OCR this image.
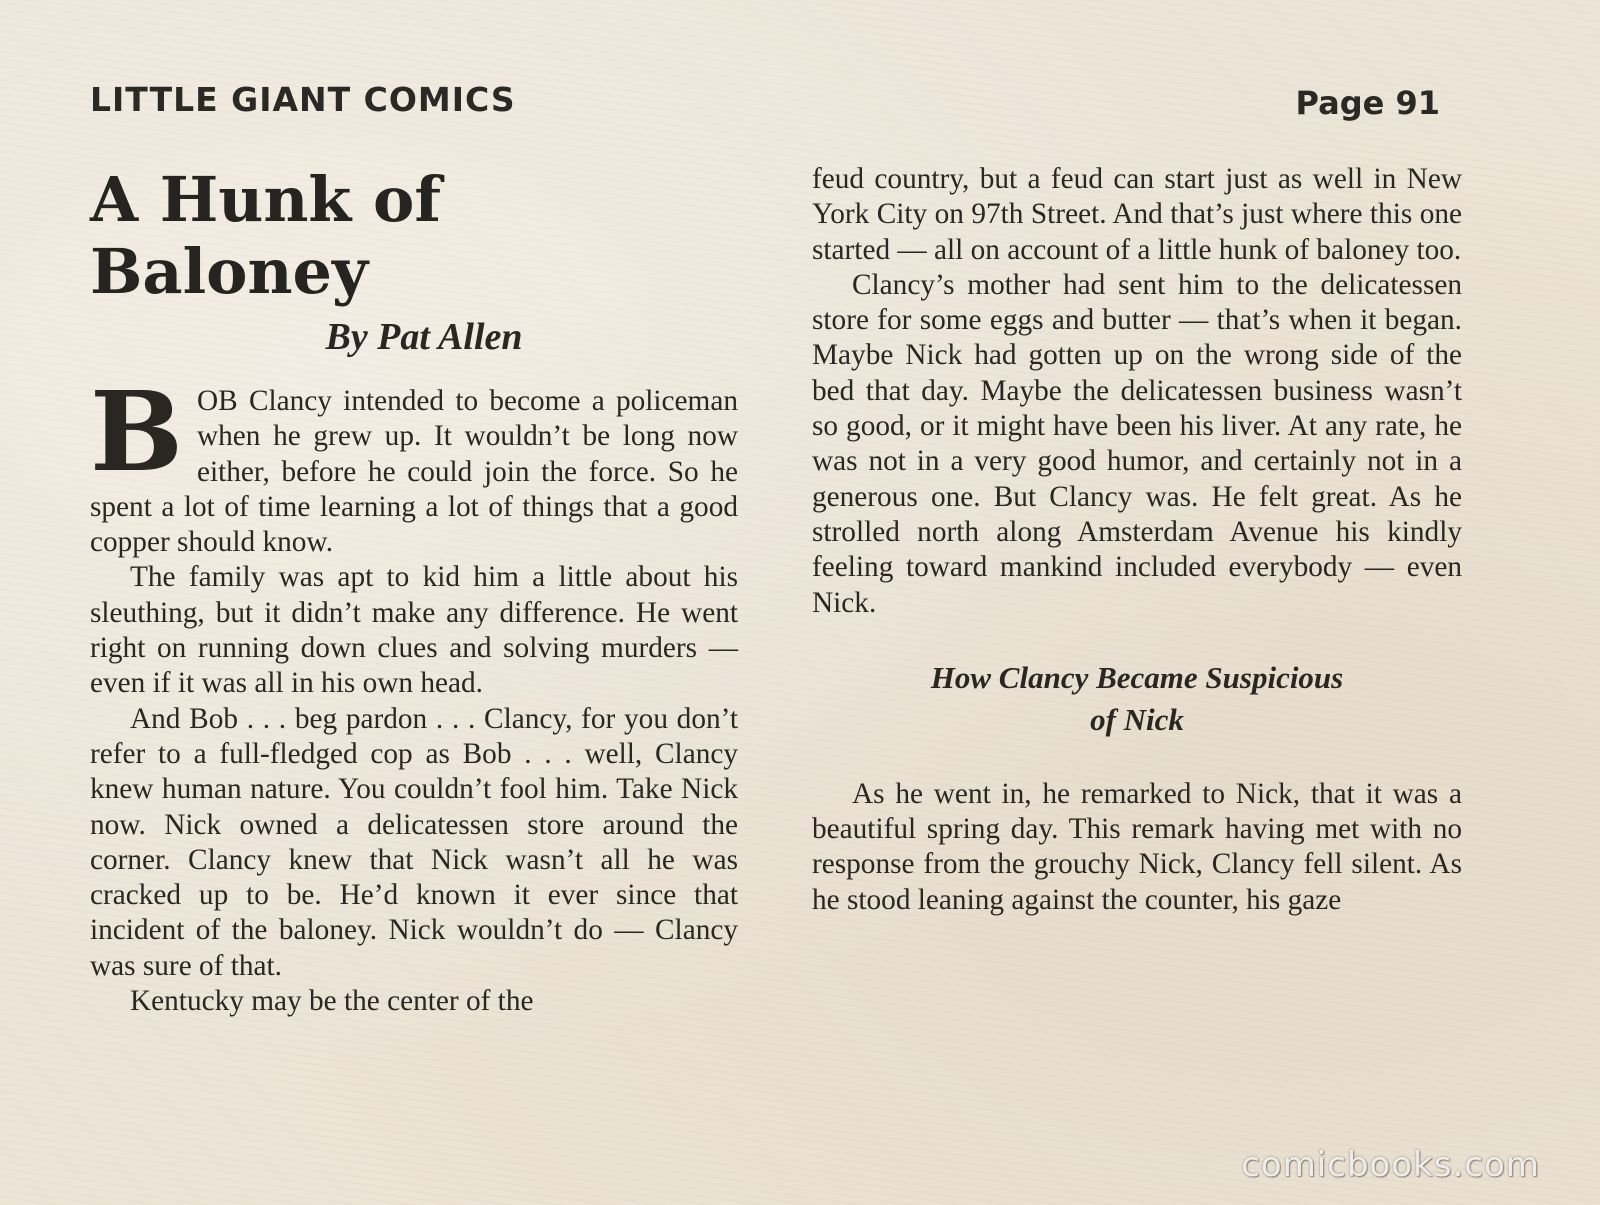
LITTLE GIANT COMICS	Page 91
A Hunk of Baloney
By Pat Allen

B OB Clancy intended to become a policeman when he grew up. It wouldn’t be long now either, before he could join the force. So he spent a lot of time learning a lot of things that a good copper should know.

The family was apt to kid him a little about his sleuthing, but it didn’t make any difference. He went right on running down clues and solving murders — even if it was all in his own head.

And Bob . . . beg pardon . . . Clancy, for you don’t refer to a full-fledged cop as Bob . . . well, Clancy knew human nature. You couldn’t fool him. Take Nick now. Nick owned a delicatessen store around the corner. Clancy knew that Nick wasn’t all he was cracked up to be. He’d known it ever since that incident of the baloney. Nick wouldn’t do — Clancy was sure of that.

Kentucky may be the center of the

feud country, but a feud can start just as well in New York City on 97th Street. And that’s just where this one started — all on account of a little hunk of baloney too.

Clancy’s mother had sent him to the delicatessen store for some eggs and butter — that’s when it began. Maybe Nick had gotten up on the wrong side of the bed that day. Maybe the delicatessen business wasn’t so good, or it might have been his liver. At any rate, he was not in a very good humor, and certainly not in a generous one. But Clancy was. He felt great. As he strolled north along Amsterdam Avenue his kindly feeling toward mankind included everybody — even Nick.

How Clancy Became Suspicious
of Nick

As he went in, he remarked to Nick, that it was a beautiful spring day. This remark having met with no response from the grouchy Nick, Clancy fell silent. As he stood leaning against the counter, his gaze

comicbooks.com
